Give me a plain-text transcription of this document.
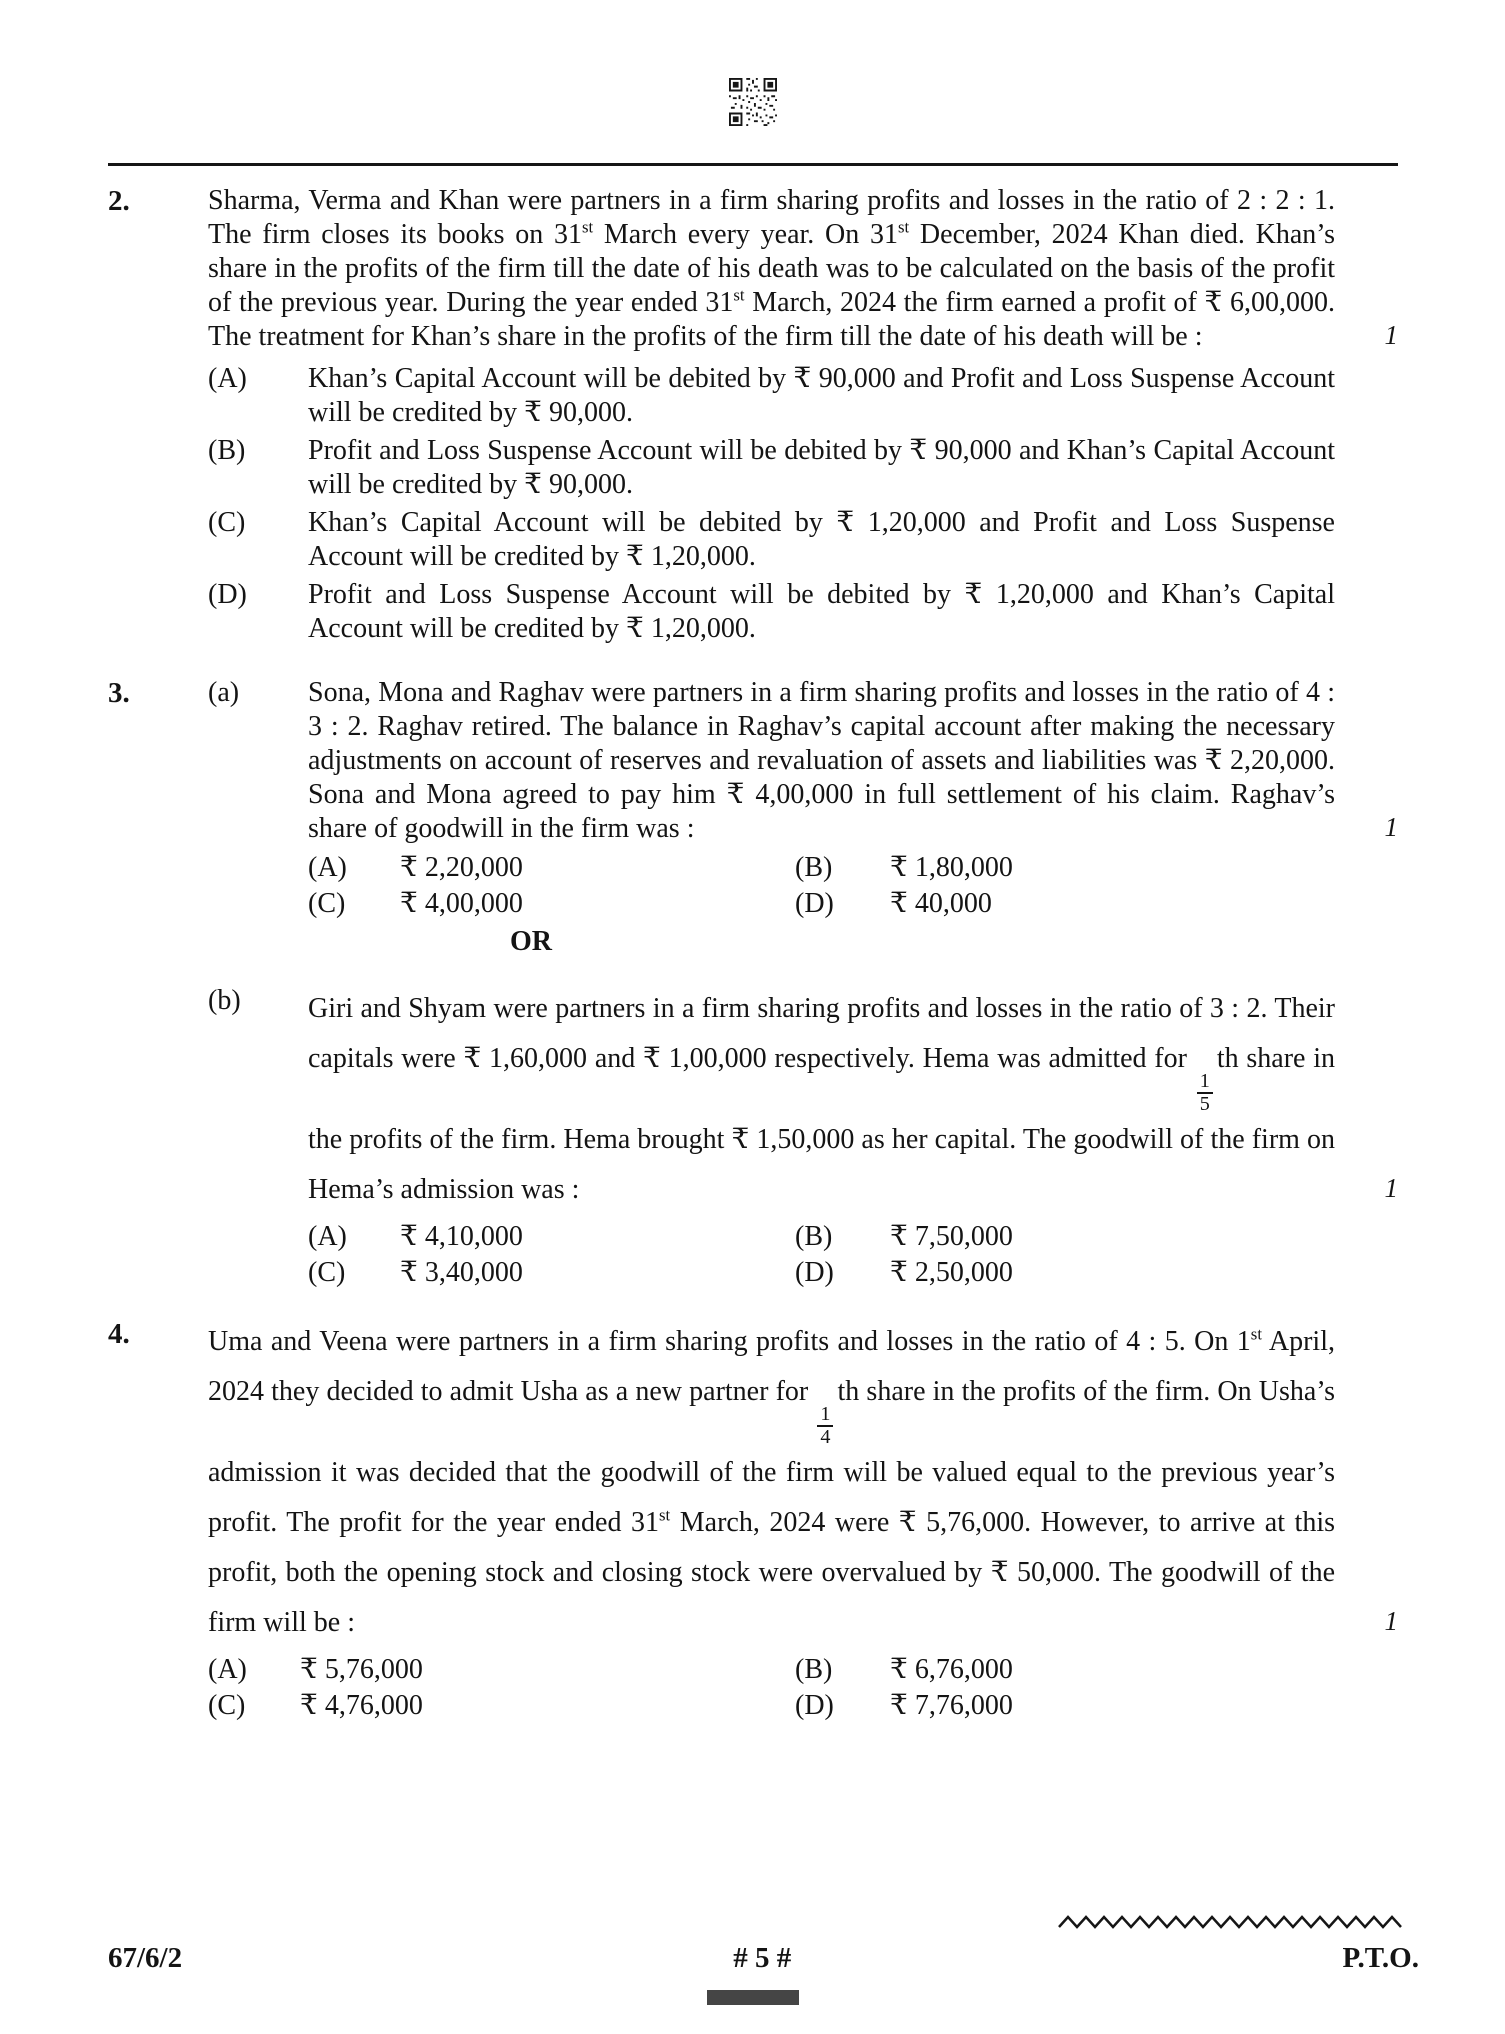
2.	Sharma, Verma and Khan were partners in a firm sharing profits and losses in the ratio of 2 : 2 : 1. The firm closes its books on 31st March every year. On 31st December, 2024 Khan died. Khan’s share in the profits of the firm till the date of his death was to be calculated on the basis of the profit of the previous year. During the year ended 31st March, 2024 the firm earned a profit of ₹ 6,00,000. The treatment for Khan’s share in the profits of the firm till the date of his death will be :	1
(A)	Khan’s Capital Account will be debited by ₹ 90,000 and Profit and Loss Suspense Account will be credited by ₹ 90,000.
(B)	Profit and Loss Suspense Account will be debited by ₹ 90,000 and Khan’s Capital Account will be credited by ₹ 90,000.
(C)	Khan’s Capital Account will be debited by ₹ 1,20,000 and Profit and Loss Suspense Account will be credited by ₹ 1,20,000.
(D)	Profit and Loss Suspense Account will be debited by ₹ 1,20,000 and Khan’s Capital Account will be credited by ₹ 1,20,000.
3.	(a)	Sona, Mona and Raghav were partners in a firm sharing profits and losses in the ratio of 4 : 3 : 2. Raghav retired. The balance in Raghav’s capital account after making the necessary adjustments on account of reserves and revaluation of assets and liabilities was ₹ 2,20,000. Sona and Mona agreed to pay him ₹ 4,00,000 in full settlement of his claim. Raghav’s share of goodwill in the firm was :	1
(A)	₹ 2,20,000	(B)	₹ 1,80,000
(C)	₹ 4,00,000	(D)	₹ 40,000
OR
(b)	Giri and Shyam were partners in a firm sharing profits and losses in the ratio of 3 : 2. Their capitals were ₹ 1,60,000 and ₹ 1,00,000 respectively. Hema was admitted for
$\frac{1}{5}$
th share in the profits of the firm. Hema brought ₹ 1,50,000 as her capital. The goodwill of the firm on Hema’s admission was :	1
(A)	₹ 4,10,000	(B)	₹ 7,50,000
(C)	₹ 3,40,000	(D)	₹ 2,50,000
4.	Uma and Veena were partners in a firm sharing profits and losses in the ratio of 4 : 5. On 1st April, 2024 they decided to admit Usha as a new partner for
$\frac{1}{4}$
th share in the profits of the firm. On Usha’s admission it was decided that the goodwill of the firm will be valued equal to the previous year’s profit. The profit for the year ended 31st March, 2024 were ₹ 5,76,000. However, to arrive at this profit, both the opening stock and closing stock were overvalued by ₹ 50,000. The goodwill of the firm will be :	1
(A)	₹ 5,76,000	(B)	₹ 6,76,000
(C)	₹ 4,76,000	(D)	₹ 7,76,000
67/6/2	# 5 #	P.T.O.
